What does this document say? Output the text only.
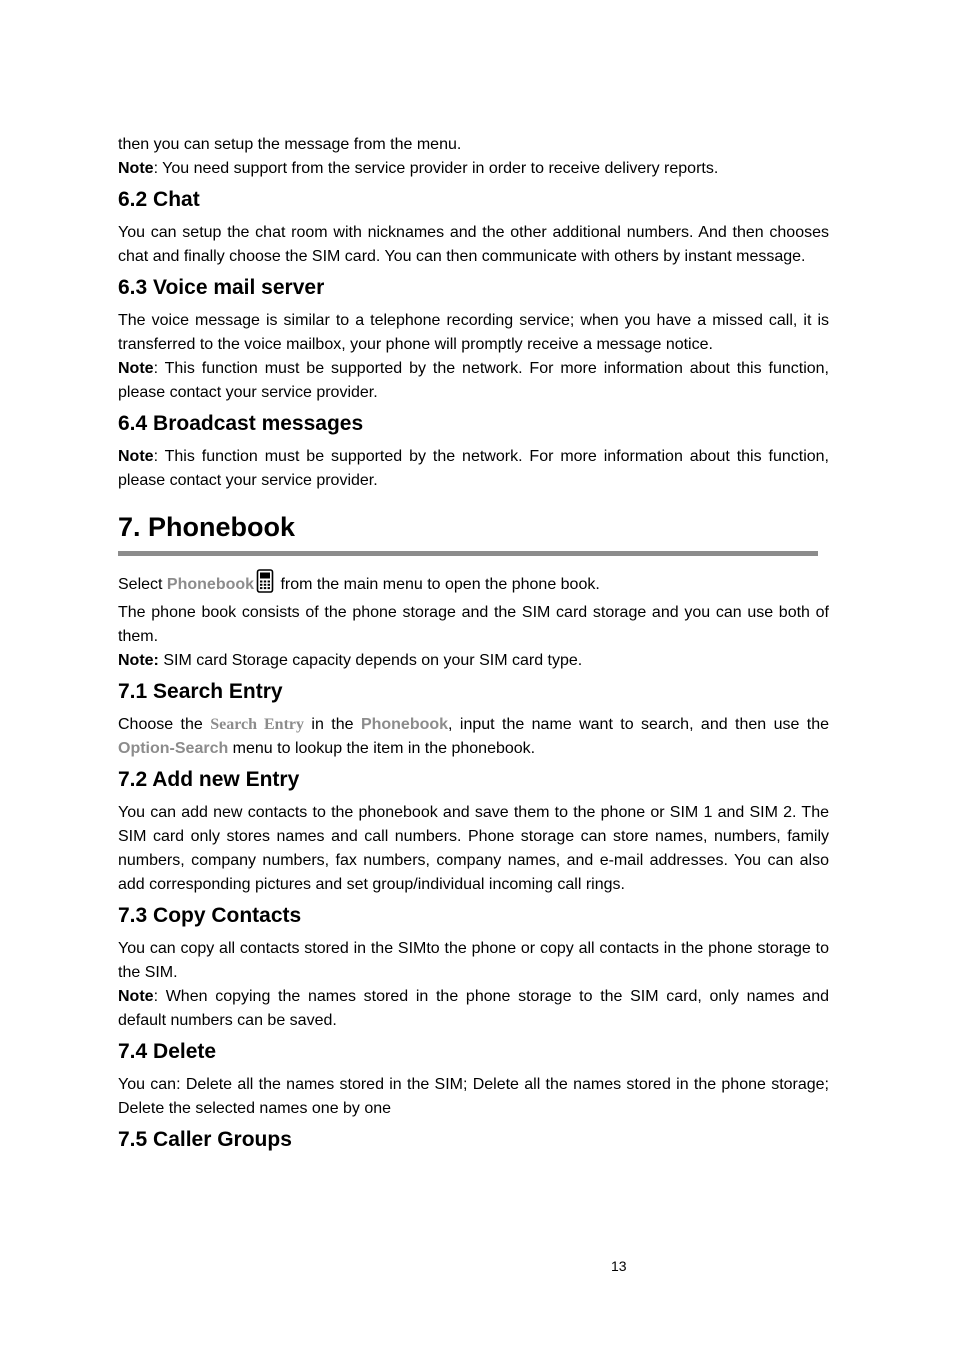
then you can setup the message from the menu.

Note: You need support from the service provider in order to receive delivery reports.

6.2 Chat

You can setup the chat room with nicknames and the other additional numbers. And then chooses chat and finally choose the SIM card. You can then communicate with others by instant message.

6.3 Voice mail server

The voice message is similar to a telephone recording service; when you have a missed call, it is transferred to the voice mailbox, your phone will promptly receive a message notice.

Note: This function must be supported by the network. For more information about this function, please contact your service provider.

6.4 Broadcast messages

Note: This function must be supported by the network. For more information about this function, please contact your service provider.

7. Phonebook

Select Phonebook from the main menu to open the phone book.

The phone book consists of the phone storage and the SIM card storage and you can use both of them.

Note: SIM card Storage capacity depends on your SIM card type.

7.1 Search Entry

Choose the Search Entry in the Phonebook, input the name want to search, and then use the Option-Search menu to lookup the item in the phonebook.

7.2 Add new Entry

You can add new contacts to the phonebook and save them to the phone or SIM 1 and SIM 2. The SIM card only stores names and call numbers. Phone storage can store names, numbers, family numbers, company numbers, fax numbers, company names, and e-mail addresses. You can also add corresponding pictures and set group/individual incoming call rings.

7.3 Copy Contacts

You can copy all contacts stored in the SIMto the phone or copy all contacts in the phone storage to the SIM.

Note: When copying the names stored in the phone storage to the SIM card, only names and default numbers can be saved.

7.4 Delete

You can: Delete all the names stored in the SIM; Delete all the names stored in the phone storage; Delete the selected names one by one

7.5 Caller Groups
13
